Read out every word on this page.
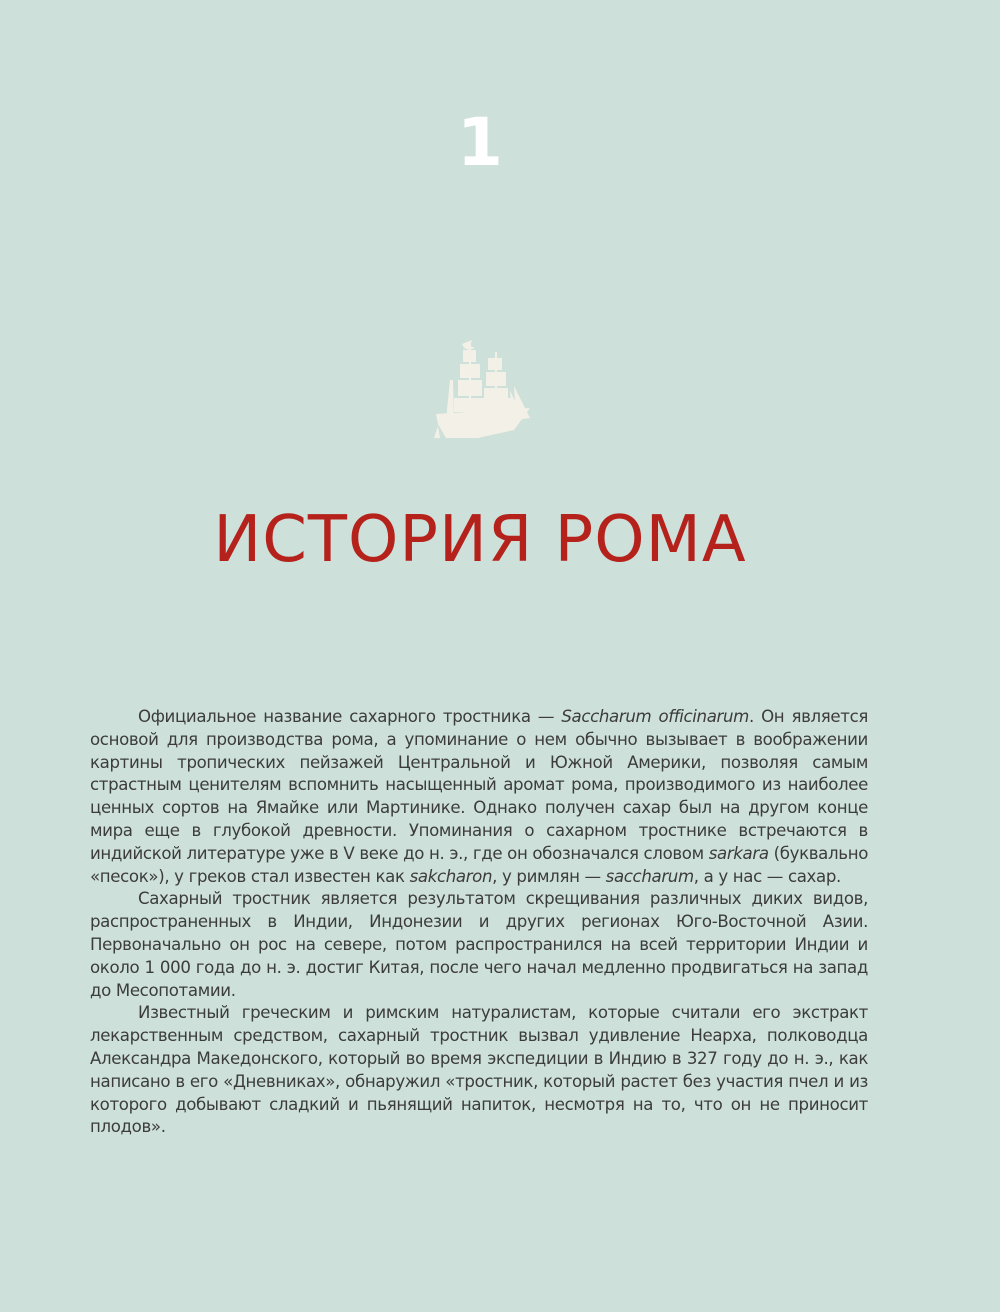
1
ИСТОРИЯ РОМА

Официальное название сахарного тростника — Saccharum officinarum. Он является основой для производства рома, а упоминание о нем обычно вызывает в воображении картины тропических пейзажей Центральной и Южной Америки, позволяя самым страстным ценителям вспомнить насыщенный аромат рома, производимого из наиболее ценных сортов на Ямайке или Мартинике. Однако получен сахар был на другом конце мира еще в глубокой древности. Упоминания о сахарном тростнике встречаются в индийской литературе уже в V веке до н. э., где он обозначался словом sarkara (буквально «песок»), у греков стал известен как sakcharon, у римлян — saccharum, а у нас — сахар.

Сахарный тростник является результатом скрещивания различных диких видов, распространенных в Индии, Индонезии и других регионах Юго-Восточной Азии. Первоначально он рос на севере, потом распространился на всей территории Индии и около 1 000 года до н. э. достиг Китая, после чего начал медленно продвигаться на запад до Месопотамии.

Известный греческим и римским натуралистам, которые считали его экстракт лекарственным средством, сахарный тростник вызвал удивление Неарха, полководца Александра Македонского, который во время экспедиции в Индию в 327 году до н. э., как написано в его «Дневниках», обнаружил «тростник, который растет без участия пчел и из которого добывают сладкий и пьянящий напиток, несмотря на то, что он не приносит плодов».
